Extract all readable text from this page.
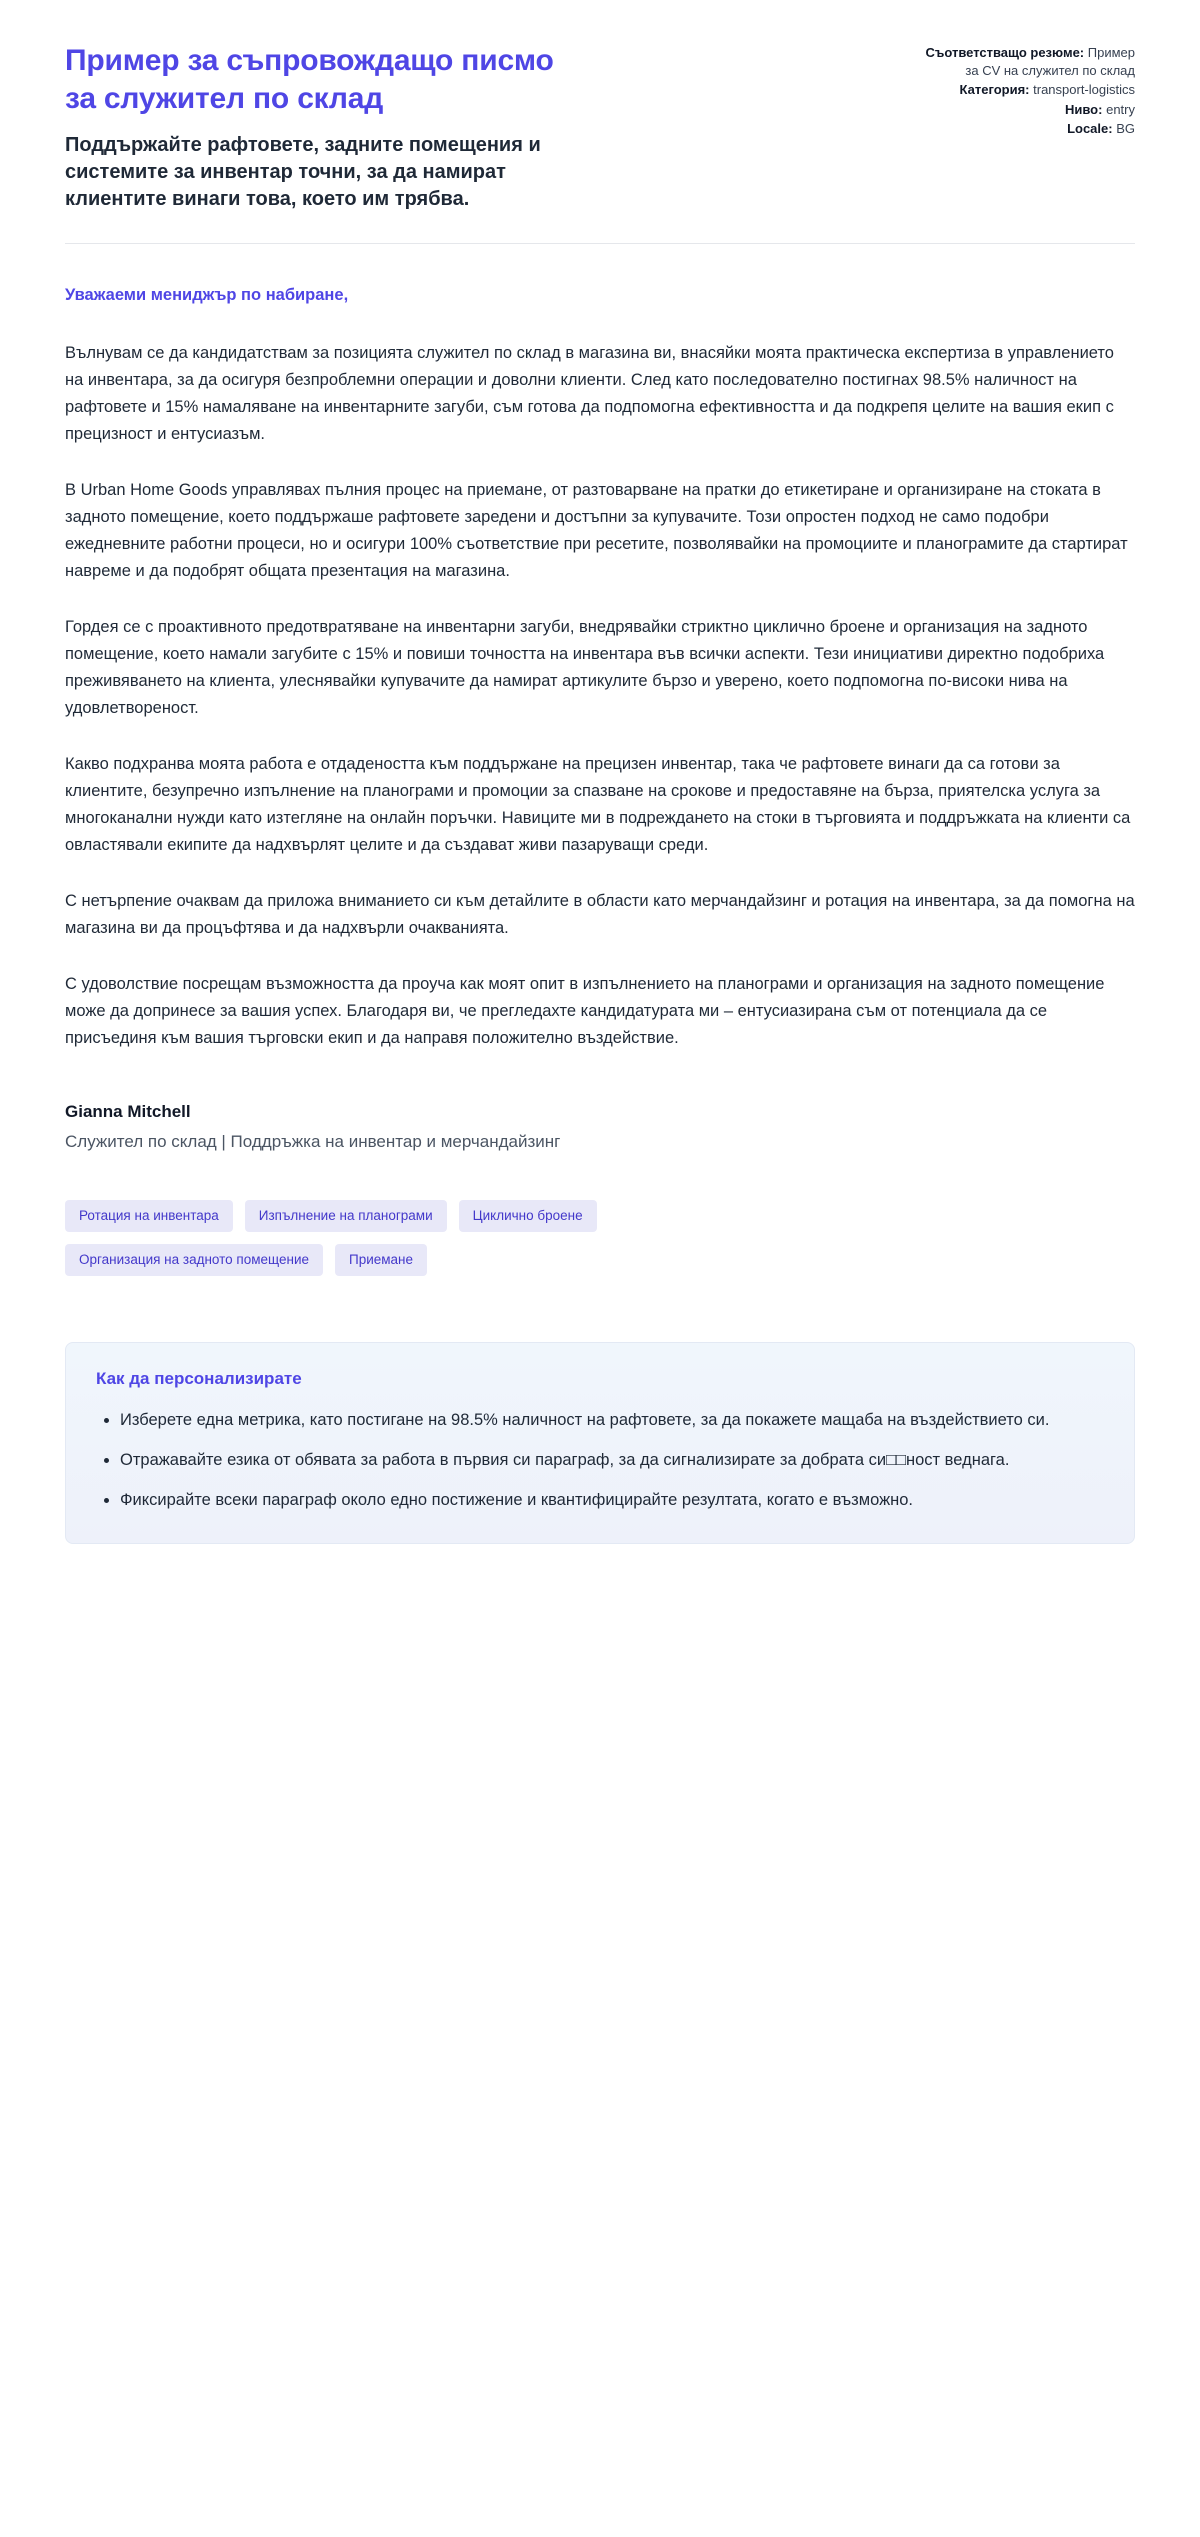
Пример за съпровождащо писмо за служител по склад
Поддържайте рафтовете, задните помещения и системите за инвентар точни, за да намират клиентите винаги това, което им трябва.
Съответстващо резюме: Пример за CV на служител по склад
Категория: transport-logistics
Ниво: entry
Locale: BG

Уважаеми мениджър по набиране,

Вълнувам се да кандидатствам за позицията служител по склад в магазина ви, внасяйки моята практическа експертиза в управлението на инвентара, за да осигуря безпроблемни операции и доволни клиенти. След като последователно постигнах 98.5% наличност на рафтовете и 15% намаляване на инвентарните загуби, съм готова да подпомогна ефективността и да подкрепя целите на вашия екип с прецизност и ентусиазъм.

В Urban Home Goods управлявах пълния процес на приемане, от разтоварване на пратки до етикетиране и организиране на стоката в задното помещение, което поддържаше рафтовете заредени и достъпни за купувачите. Този опростен подход не само подобри ежедневните работни процеси, но и осигури 100% съответствие при ресетите, позволявайки на промоциите и планограмите да стартират навреме и да подобрят общата презентация на магазина.

Гордея се с проактивното предотвратяване на инвентарни загуби, внедрявайки стриктно циклично броене и организация на задното помещение, което намали загубите с 15% и повиши точността на инвентара във всички аспекти. Тези инициативи директно подобриха преживяването на клиента, улеснявайки купувачите да намират артикулите бързо и уверено, което подпомогна по-високи нива на удовлетвореност.

Какво подхранва моята работа е отдадеността към поддържане на прецизен инвентар, така че рафтовете винаги да са готови за клиентите, безупречно изпълнение на планограми и промоции за спазване на срокове и предоставяне на бърза, приятелска услуга за многоканални нужди като изтегляне на онлайн поръчки. Навиците ми в подреждането на стоки в търговията и поддръжката на клиенти са овластявали екипите да надхвърлят целите и да създават живи пазаруващи среди.

С нетърпение очаквам да приложа вниманието си към детайлите в области като мерчандайзинг и ротация на инвентара, за да помогна на магазина ви да процъфтява и да надхвърли очакванията.

С удоволствие посрещам възможността да проуча как моят опит в изпълнението на планограми и организация на задното помещение може да допринесе за вашия успех. Благодаря ви, че прегледахте кандидатурата ми – ентусиазирана съм от потенциала да се присъединя към вашия търговски екип и да направя положително въздействие.

Gianna Mitchell

Служител по склад | Поддръжка на инвентар и мерчандайзинг

Ротация на инвентара	Изпълнение на планограми	Циклично броене
Организация на задното помещение	Приемане
Как да персонализирате
• Изберете една метрика, като постигане на 98.5% наличност на рафтовете, за да покажете мащаба на въздействието си.
• Отражавайте езика от обявата за работа в първия си параграф, за да сигнализирате за добрата си□□ност веднага.
• Фиксирайте всеки параграф около едно постижение и квантифицирайте резултата, когато е възможно.
